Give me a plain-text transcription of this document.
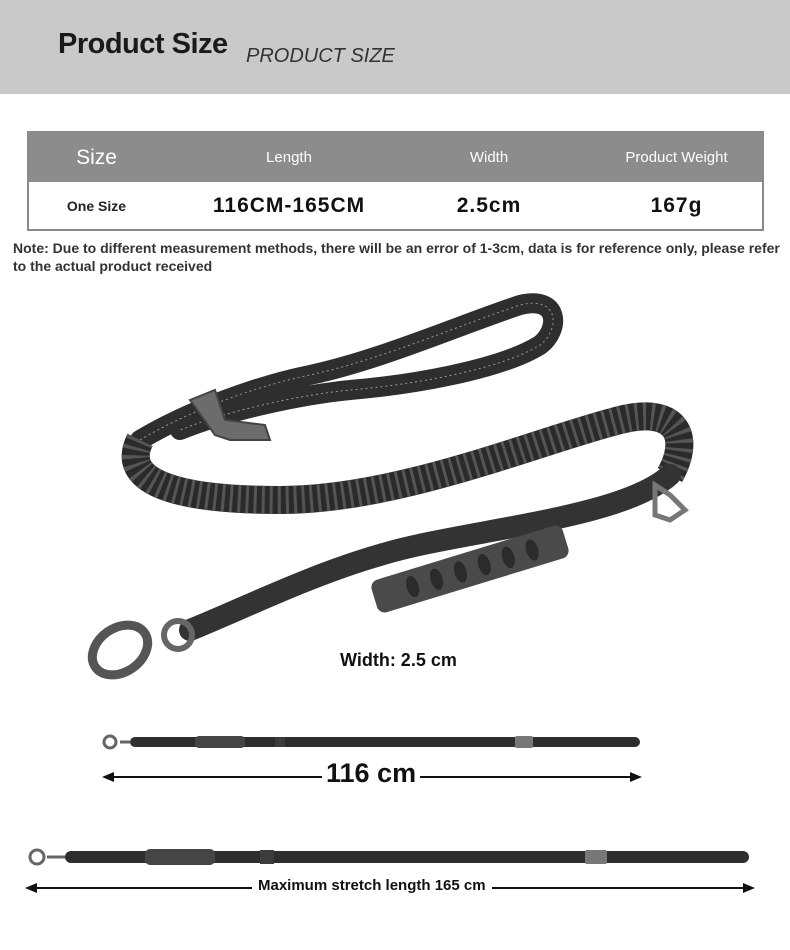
Product Size PRODUCT SIZE
Size	Length	Width	Product Weight
One Size	116CM-165CM	2.5cm	167g
Note: Due to different measurement methods, there will be an error of 1-3cm, data is for reference only, please refer to the actual product received
Width: 2.5 cm
116 cm
Maximum stretch length 165 cm
